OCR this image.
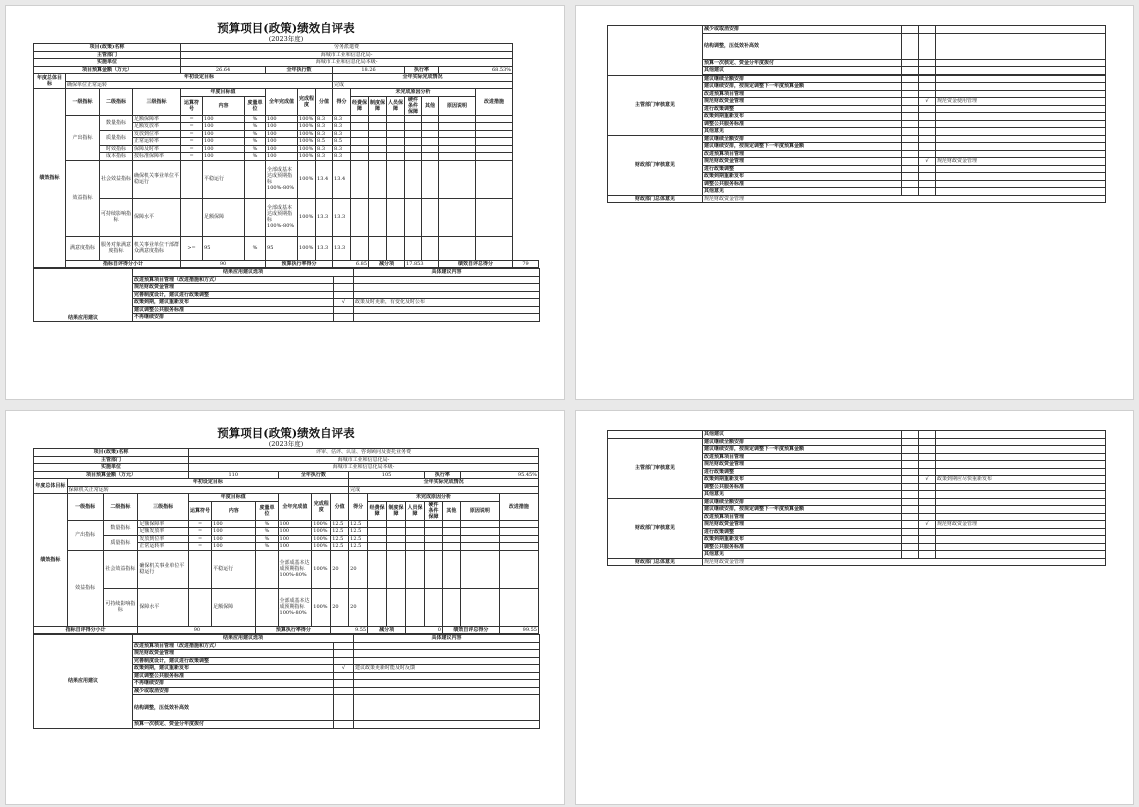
预算项目(政策)绩效自评表
(2023年度)
项目(政策)名称				劳务派遣费														
主管部门				海城市工业和信息化局-														
实施单位				海城市工业和信息化局本级-														
项目预算金额（万元）				26.64			全年执行数			18.26				执行率		68.53%		
年度总体目标	年初设定目标									全年实际完成情况								
	确保单位正常运转									完成								
绩效指标	一级指标	二级指标	三级指标	年度目标值			全年完成值	完成程度	分值	得分	未完成原因分析						改进措施	
				运算符号	内容	度量单位					经费保障	制度保障	人员保障	硬件条件保障	其他	原因说明		
	产出指标	数量指标	足额保障率	=	100	%	100	100%	8.3	8.3								
			足额发放率	=	100	%	100	100%	8.3	8.3								
		质量指标	发放到位率	=	100	%	100	100%	8.3	8.3								
			正常运转率	=	100	%	100	100%	8.5	8.5								
		时效指标	保障及时率	=	100	%	100	100%	8.3	8.3								
		成本指标	按标准保障率	=	100	%	100	100%	8.3	8.3								
	效益指标	社会效益指标	确保机关事业单位平稳运行		平稳运行		全部成基本达成预期指标100%-80%	100%	13.4	13.4								
		可持续影响指标	保障水平		足额保障		全部成基本达成预期指标100%-80%	100%	13.3	13.3								
	满意度指标	服务对象满意度指标	机关事业单位干部群众满意度指标	>=	95	%	95	100%	13.3	13.3								
	指标自评得分小计			90			预算执行率得分			6.85		减分项		17.853		绩效自评总得分		79
结果应用建议	结果应用建议选项		具体建议内容
	改进预算项目管理（改进措施和方式）		
	规范财政资金管理		
	完善制度设计，建议进行政策调整		
	政策到期，建议重新发布	√	政策及时更新，有变化及时公布
	建议调整公共服务标准		
	不再继续安排		
	减少或取消安排			
	结构调整，压低效补高效			
	预算一次核定、资金分年度拨付			
	其他建议			

主管部门审核意见	建议继续全额安排			
	建议继续安排，按规定调整下一年度预算金额			
	改进预算项目管理			
	规范财政资金管理		√	规范资金使用管理
	进行政策调整			
	政策到期重新发布			
	调整公共服务标准			
	其他意见			
财政部门审核意见	建议继续全额安排			
	建议继续安排，按规定调整下一年度预算金额			
	改进预算项目管理			
	规范财政资金管理		√	规范财政资金管理
	进行政策调整			
	政策到期重新发布			
	调整公共服务标准			
	其他意见			
财政部门总体意见	规范财政资金管理			
预算项目(政策)绩效自评表
(2023年度)
项目(政策)名称				评审、估评、认证、咨询顾问及委托业务费													
主管部门				海城市工业和信息化局-													
实施单位				海城市工业和信息化局本级-													
项目预算金额（万元）				110			全年执行数			105				执行率		95.45%	
年度总体目标	年初设定目标									全年实际完成情况							
	保障机关正常运转									完成							
绩效指标	一级指标	二级指标	三级指标	年度目标值			全年完成值	完成程度	分值	得分	未完成原因分析						改进措施
				运算符号	内容	度量单位					经费保障	制度保障	人员保障	硬件条件保障	其他	原因说明	
	产出指标	数量指标	足额保障率	=	100	%	100	100%	12.5	12.5							
			足额发放率	=	100	%	100	100%	12.5	12.5							
		质量指标	发放到位率	=	100	%	100	100%	12.5	12.5							
			正常运转率	=	100	%	100	100%	12.5	12.5							
	效益指标	社会效益指标	确保机关事业单位平稳运行		平稳运行		全部成基本达成预期指标100%-80%	100%	20	20							
		可持续影响指标	保障水平		足额保障		全部成基本达成预期指标100%-80%	100%	20	20							
指标自评得分小计			90			预算执行率得分			9.55		减分项		0		绩效自评总得分		99.55
结果应用建议	结果应用建议选项		具体建议内容
	改进预算项目管理（改进措施和方式）		
	规范财政资金管理		
	完善制度设计，建议进行政策调整		
	政策到期，建议重新发布	√	建议政策更新时能及时反馈
	建议调整公共服务标准		
	不再继续安排		
	减少或取消安排		
	结构调整，压低效补高效		
	预算一次核定、资金分年度拨付		
	其他建议			
主管部门审核意见	建议继续全额安排			
	建议继续安排，按规定调整下一年度预算金额			
	改进预算项目管理			
	规范财政资金管理			
	进行政策调整			
	政策到期重新发布		√	政策到期应尽快重新发布
	调整公共服务标准			
	其他意见			
财政部门审核意见	建议继续全额安排			
	建议继续安排，按规定调整下一年度预算金额			
	改进预算项目管理			
	规范财政资金管理		√	规范财政资金管理
	进行政策调整			
	政策到期重新发布			
	调整公共服务标准			
	其他意见			
财政部门总体意见	规范财政资金管理			
